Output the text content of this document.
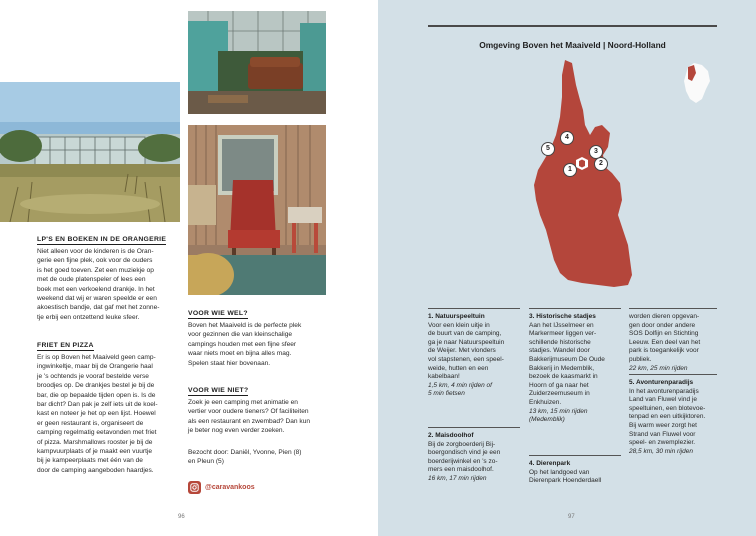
LP'S EN BOEKEN IN DE ORANGERIE
Niet alleen voor de kinderen is de Oran-
gerie een fijne plek, ook voor de ouders
is het goed toeven. Zet een muziekje op
met de oude platenspeler of lees een
boek met een verkoelend drankje. In het
weekend dat wij er waren speelde er een
akoestisch bandje, dat gaf met het zonne-
tje erbij een ontzettend leuke sfeer.
FRIET EN PIZZA
Er is op Boven het Maaiveld geen camp-
ingwinkeltje, maar bij de Orangerie haal
je 's ochtends je vooraf bestelde verse
broodjes op. De drankjes bestel je bij de
bar, die op bepaalde tijden open is. Is de
bar dicht? Dan pak je zelf iets uit de koel-
kast en noteer je het op een lijst. Hoewel
er geen restaurant is, organiseert de
camping regelmatig eetavonden met friet
of pizza. Marshmallows rooster je bij de
kampvuurplaats of je maakt een vuurtje
bij je kampeerplaats met één van de
door de camping aangeboden haardjes.
VOOR WIE WEL?
Boven het Maaiveld is de perfecte plek
voor gezinnen die van kleinschalige
campings houden met een fijne sfeer
waar niets moet en bijna alles mag.
Spelen staat hier bovenaan.
VOOR WIE NIET?
Zoek je een camping met animatie en
vertier voor oudere tieners? Of faciliteiten
als een restaurant en zwembad? Dan kun
je beter nog even verder zoeken.
Bezocht door: Daniël, Yvonne, Pien (8)
en Pleun (5)
@caravankoos
96
Omgeving Boven het Maaiveld | Noord-Holland
4
5	3
2
1
1. Natuurspeeltuin
Voor een klein uitje in
de buurt van de camping,
ga je naar Natuurspeeltuin
de Weijer. Met vlonders
vol stapstenen, een speel-
weide, hutten en een
kabelbaan!
1,5 km, 4 min rijden of
5 min fietsen
2. Maisdoolhof
Bij de zorgboerderij Bij-
boergondisch vind je een
boerderijwinkel en 's zo-
mers een maisdoolhof.
16 km, 17 min rijden
3. Historische stadjes
Aan het IJsselmeer en
Markermeer liggen ver-
schillende historische
stadjes. Wandel door
Bakkerijmuseum De Oude
Bakkerij in Medemblik,
bezoek de kaasmarkt in
Hoorn of ga naar het
Zuiderzeemuseum in
Enkhuizen.
13 km, 15 min rijden
(Medemblik)
4. Dierenpark
Op het landgoed van
Dierenpark Hoenderdaell
worden dieren opgevan-
gen door onder andere
SOS Dolfijn en Stichting
Leeuw. Een deel van het
park is toegankelijk voor
publiek.
22 km, 25 min rijden
5. Avonturenparadijs
In het avonturenparadijs
Land van Fluwel vind je
speeltuinen, een blotevoe-
tenpad en een uitkijktoren.
Bij warm weer zorgt het
Strand van Fluwel voor
speel- en zwemplezier.
28,5 km, 30 min rijden
97
